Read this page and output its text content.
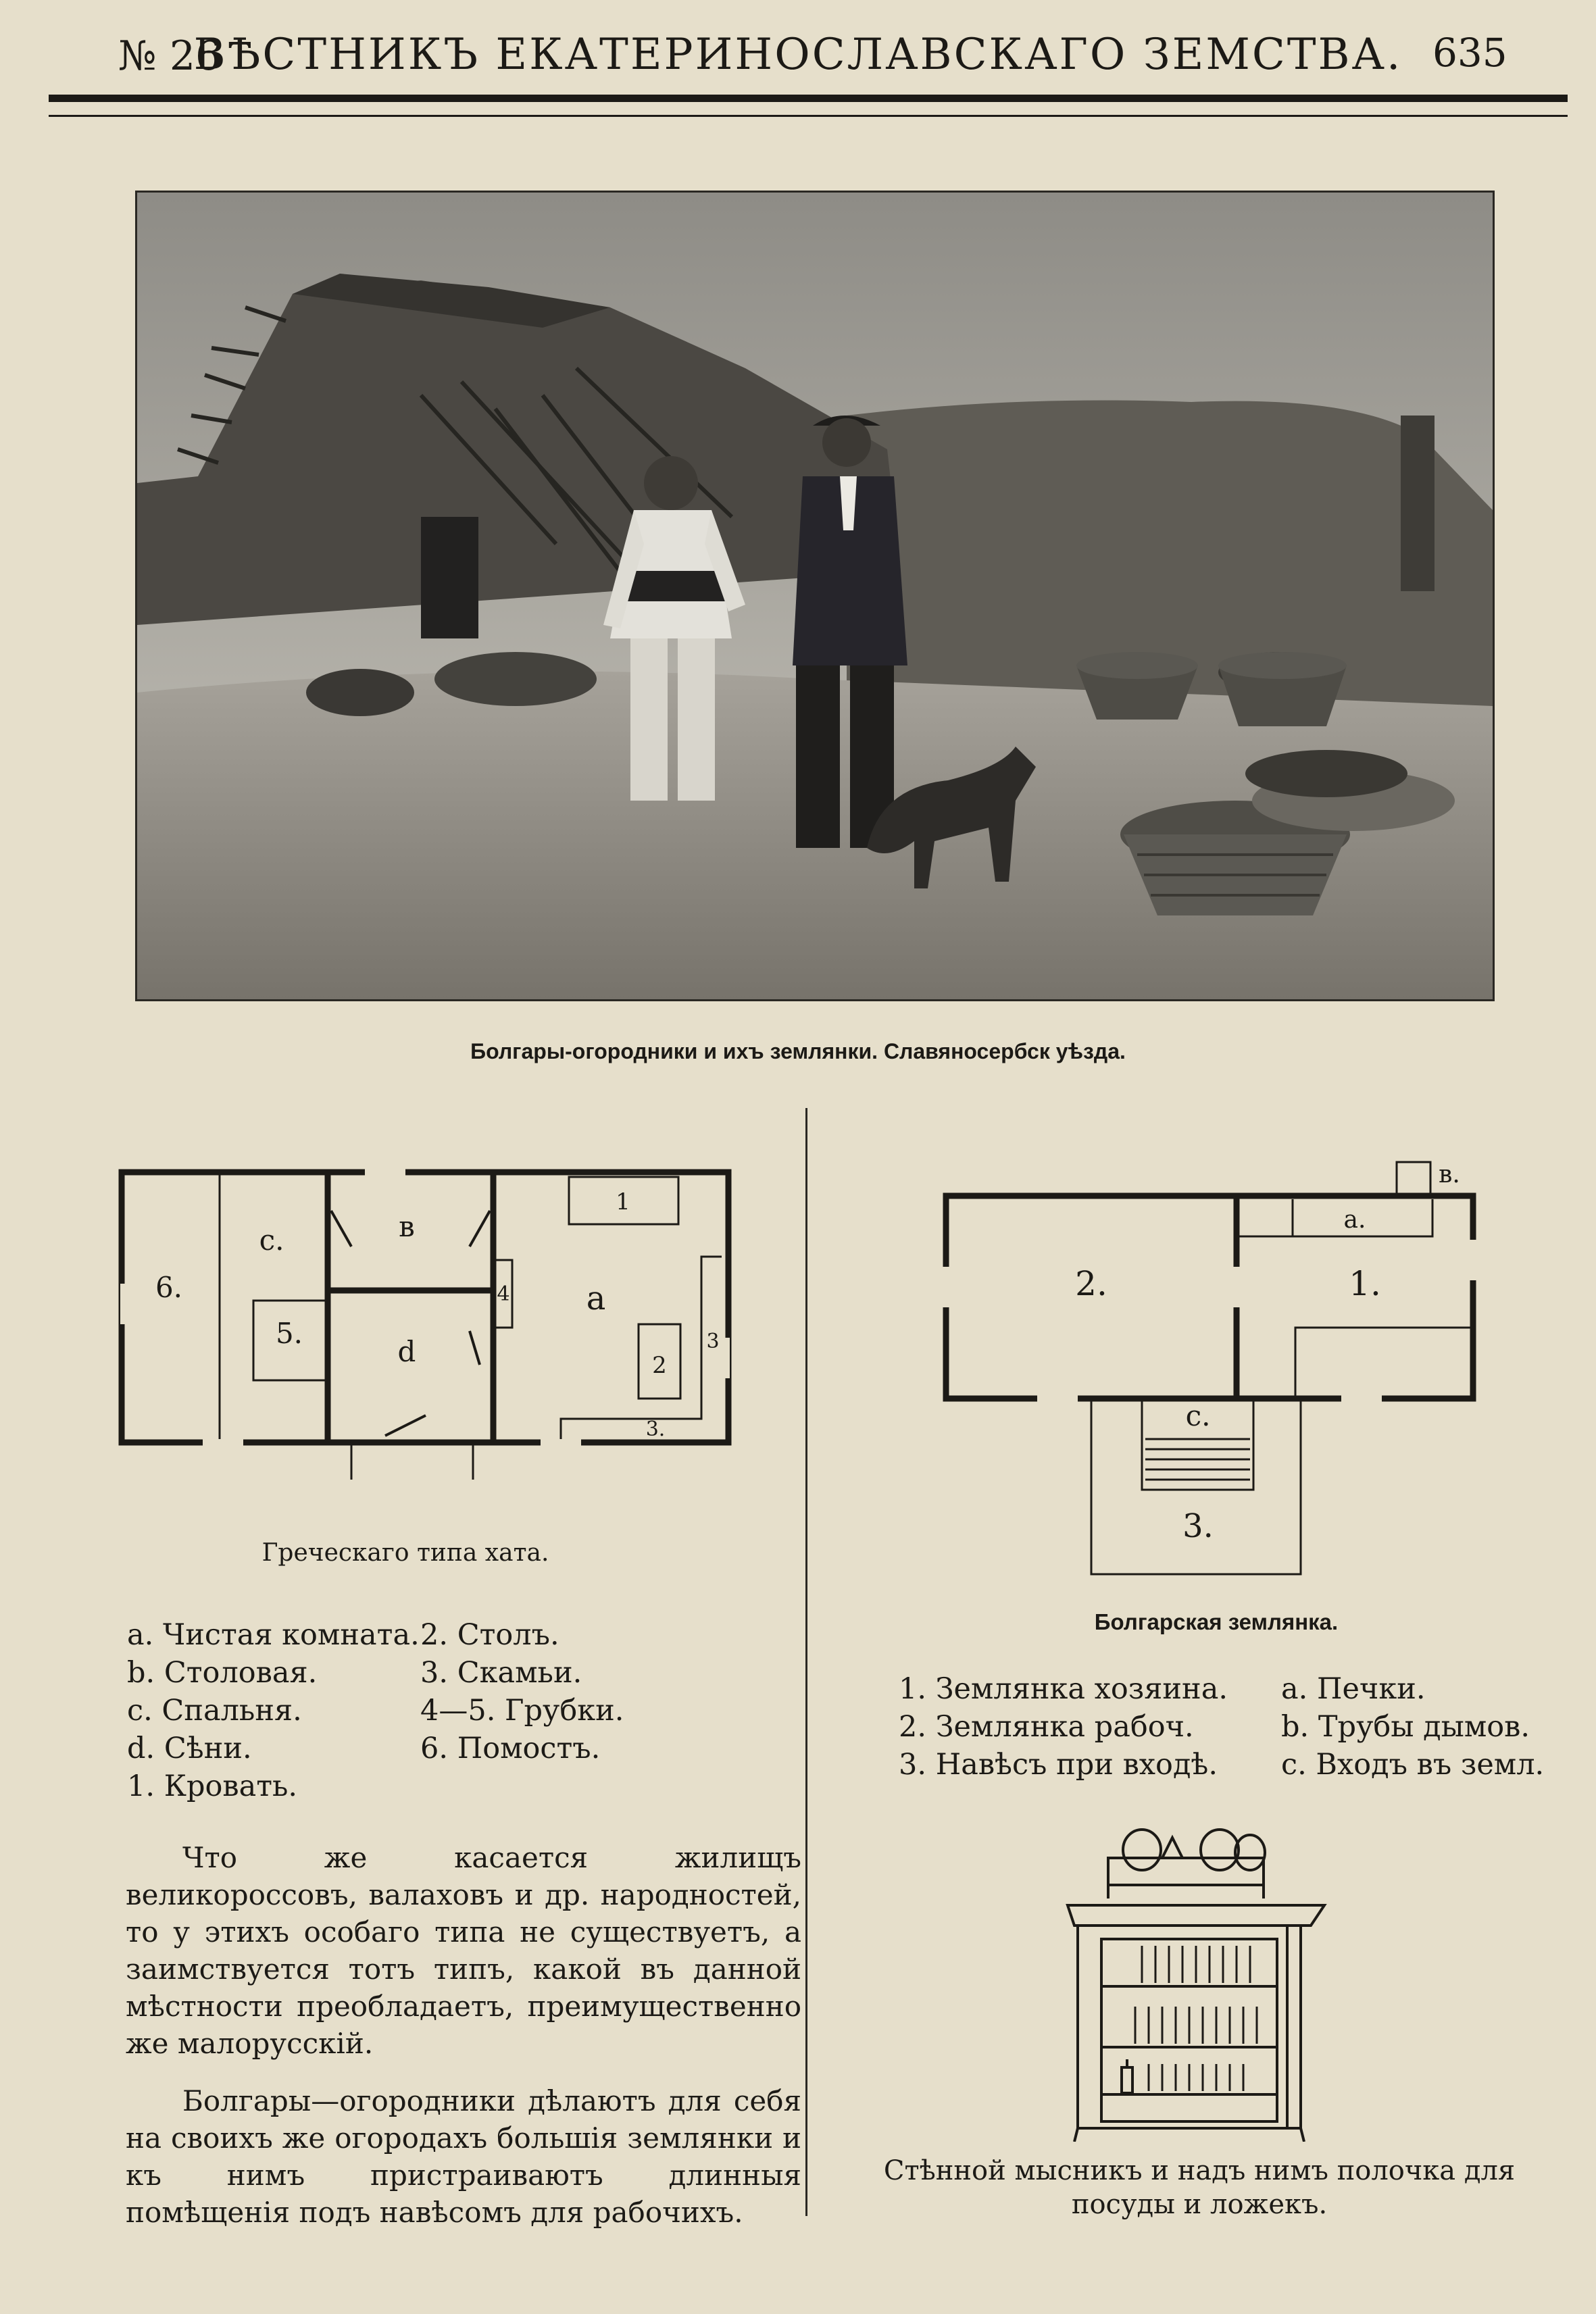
№ 26
ВѢСТНИКЪ ЕКАТЕРИНОСЛАВСКАГО ЗЕМСТВА. 635
Болгары-огородники и ихъ землянки. Славяносербск уѣзда.
6.
с.
5.
в
d
1
4 а
2
3
3.
Греческаго типа хата.
a. Чистая комната.
b. Столовая.
c. Спальня.
d. Сѣни.
1. Кровать.
2. Столъ.
3. Скамьи.
4—5. Грубки.
6. Помостъ.

Что же касается жилищъ великороссовъ, валаховъ и др. народностей, то у этихъ особаго типа не существуетъ, а заимствуется тотъ типъ, какой въ данной мѣстности преобладаетъ, преимущественно же малорусскій.

Болгары—огородники дѣлаютъ для себя на своихъ же огородахъ большія землянки и къ нимъ пристраиваютъ длинныя помѣщенія подъ навѣсомъ для рабочихъ.

в.
а.
2.	1.
с.
3.
Болгарская землянка.
1. Землянка хозяина.
2. Землянка рабоч.
3. Навѣсъ при входѣ.
а. Печки.
b. Трубы дымов.
с. Входъ въ земл.
Стѣнной мысникъ и надъ нимъ полочка для посуды и ложекъ.
